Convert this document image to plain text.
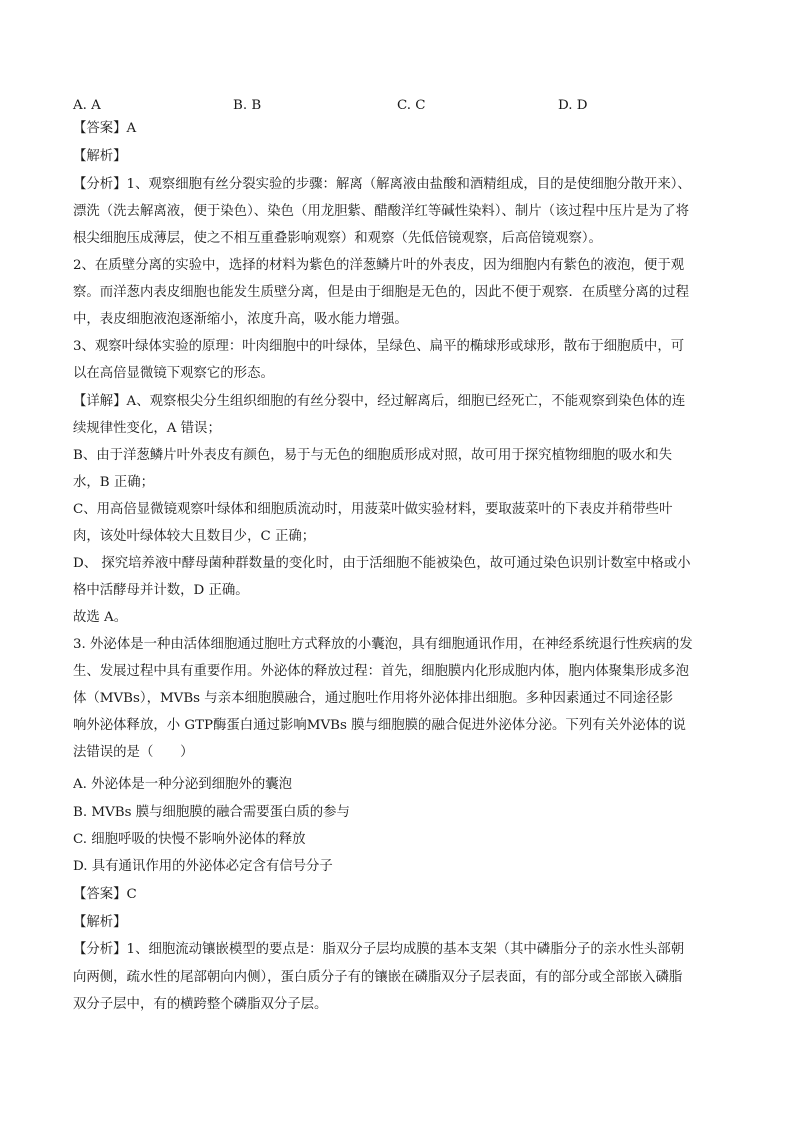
A. A	B. B	C. C	D. D
【答案】A
【解析】
【分析】1、观察细胞有丝分裂实验的步骤：解离（解离液由盐酸和酒精组成，目的是使细胞分散开来）、
漂洗（洗去解离液，便于染色）、染色（用龙胆紫、醋酸洋红等碱性染料）、制片（该过程中压片是为了将
根尖细胞压成薄层，使之不相互重叠影响观察）和观察（先低倍镜观察，后高倍镜观察）。
2、在质壁分离的实验中，选择的材料为紫色的洋葱鳞片叶的外表皮，因为细胞内有紫色的液泡，便于观
察。而洋葱内表皮细胞也能发生质壁分离，但是由于细胞是无色的，因此不便于观察．在质壁分离的过程
中，表皮细胞液泡逐渐缩小，浓度升高，吸水能力增强。
3、观察叶绿体实验的原理：叶肉细胞中的叶绿体，呈绿色、扁平的椭球形或球形，散布于细胞质中，可
以在高倍显微镜下观察它的形态。
【详解】A、观察根尖分生组织细胞的有丝分裂中，经过解离后，细胞已经死亡，不能观察到染色体的连
续规律性变化，A 错误；
B、由于洋葱鳞片叶外表皮有颜色，易于与无色的细胞质形成对照，故可用于探究植物细胞的吸水和失
水，B 正确；
C、用高倍显微镜观察叶绿体和细胞质流动时，用菠菜叶做实验材料，要取菠菜叶的下表皮并稍带些叶
肉，该处叶绿体较大且数目少，C 正确；
D、 探究培养液中酵母菌种群数量的变化时，由于活细胞不能被染色，故可通过染色识别计数室中格或小
格中活酵母并计数，D 正确。
故选 A。
3. 外泌体是一种由活体细胞通过胞吐方式释放的小囊泡，具有细胞通讯作用，在神经系统退行性疾病的发
生、发展过程中具有重要作用。外泌体的释放过程：首先，细胞膜内化形成胞内体，胞内体聚集形成多泡
体（MVBs），MVBs 与亲本细胞膜融合，通过胞吐作用将外泌体排出细胞。多种因素通过不同途径影
响外泌体释放，小 GTP酶蛋白通过影响MVBs 膜与细胞膜的融合促进外泌体分泌。下列有关外泌体的说
法错误的是（　　）
A. 外泌体是一种分泌到细胞外的囊泡
B. MVBs 膜与细胞膜的融合需要蛋白质的参与
C. 细胞呼吸的快慢不影响外泌体的释放
D. 具有通讯作用的外泌体必定含有信号分子
【答案】C
【解析】
【分析】1、细胞流动镶嵌模型的要点是：脂双分子层均成膜的基本支架（其中磷脂分子的亲水性头部朝
向两侧，疏水性的尾部朝向内侧），蛋白质分子有的镶嵌在磷脂双分子层表面，有的部分或全部嵌入磷脂
双分子层中，有的横跨整个磷脂双分子层。
